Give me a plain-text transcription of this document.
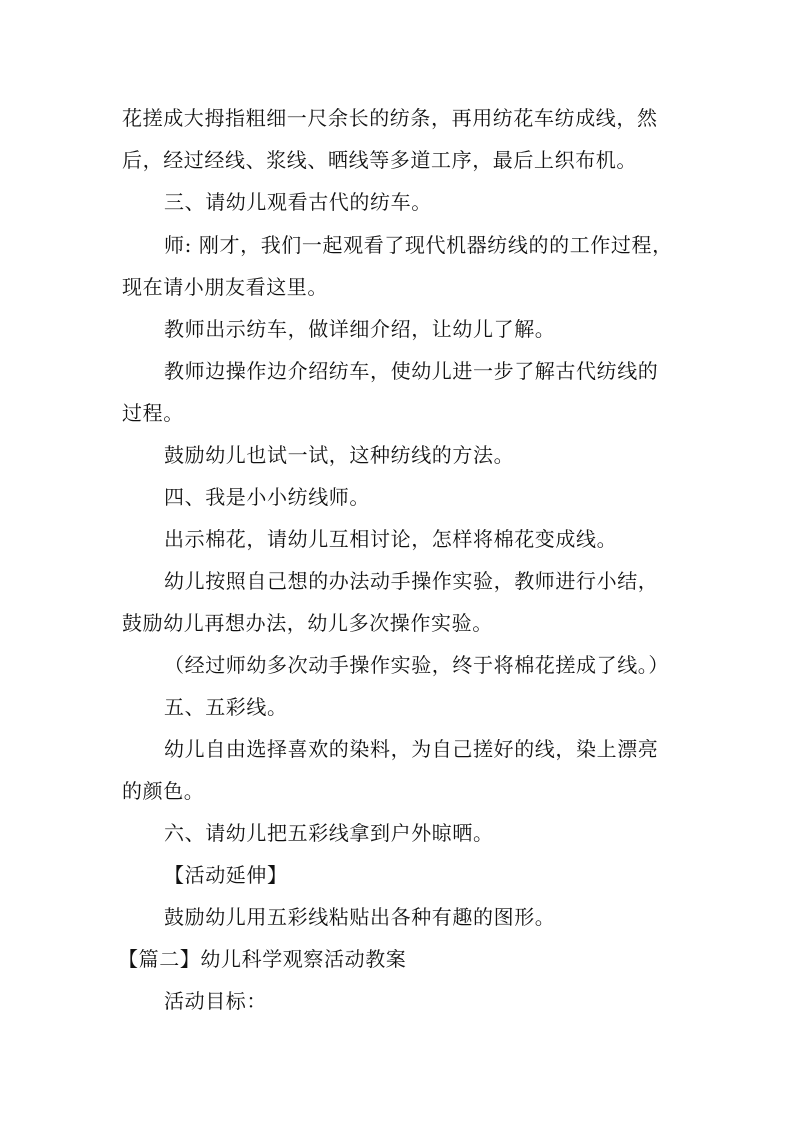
花搓成大拇指粗细一尺余长的纺条，再用纺花车纺成线，然
后，经过经线、浆线、晒线等多道工序，最后上织布机。
三、请幼儿观看古代的纺车。
师: 刚才，我们一起观看了现代机器纺线的的工作过程，
现在请小朋友看这里。
教师出示纺车，做详细介绍，让幼儿了解。
教师边操作边介绍纺车，使幼儿进一步了解古代纺线的
过程。
鼓励幼儿也试一试，这种纺线的方法。
四、我是小小纺线师。
出示棉花，请幼儿互相讨论，怎样将棉花变成线。
幼儿按照自己想的办法动手操作实验，教师进行小结，
鼓励幼儿再想办法，幼儿多次操作实验。
（经过师幼多次动手操作实验，终于将棉花搓成了线。）
五、五彩线。
幼儿自由选择喜欢的染料，为自己搓好的线，染上漂亮
的颜色。
六、请幼儿把五彩线拿到户外晾晒。
【活动延伸】
鼓励幼儿用五彩线粘贴出各种有趣的图形。
【篇二】幼儿科学观察活动教案
活动目标：
